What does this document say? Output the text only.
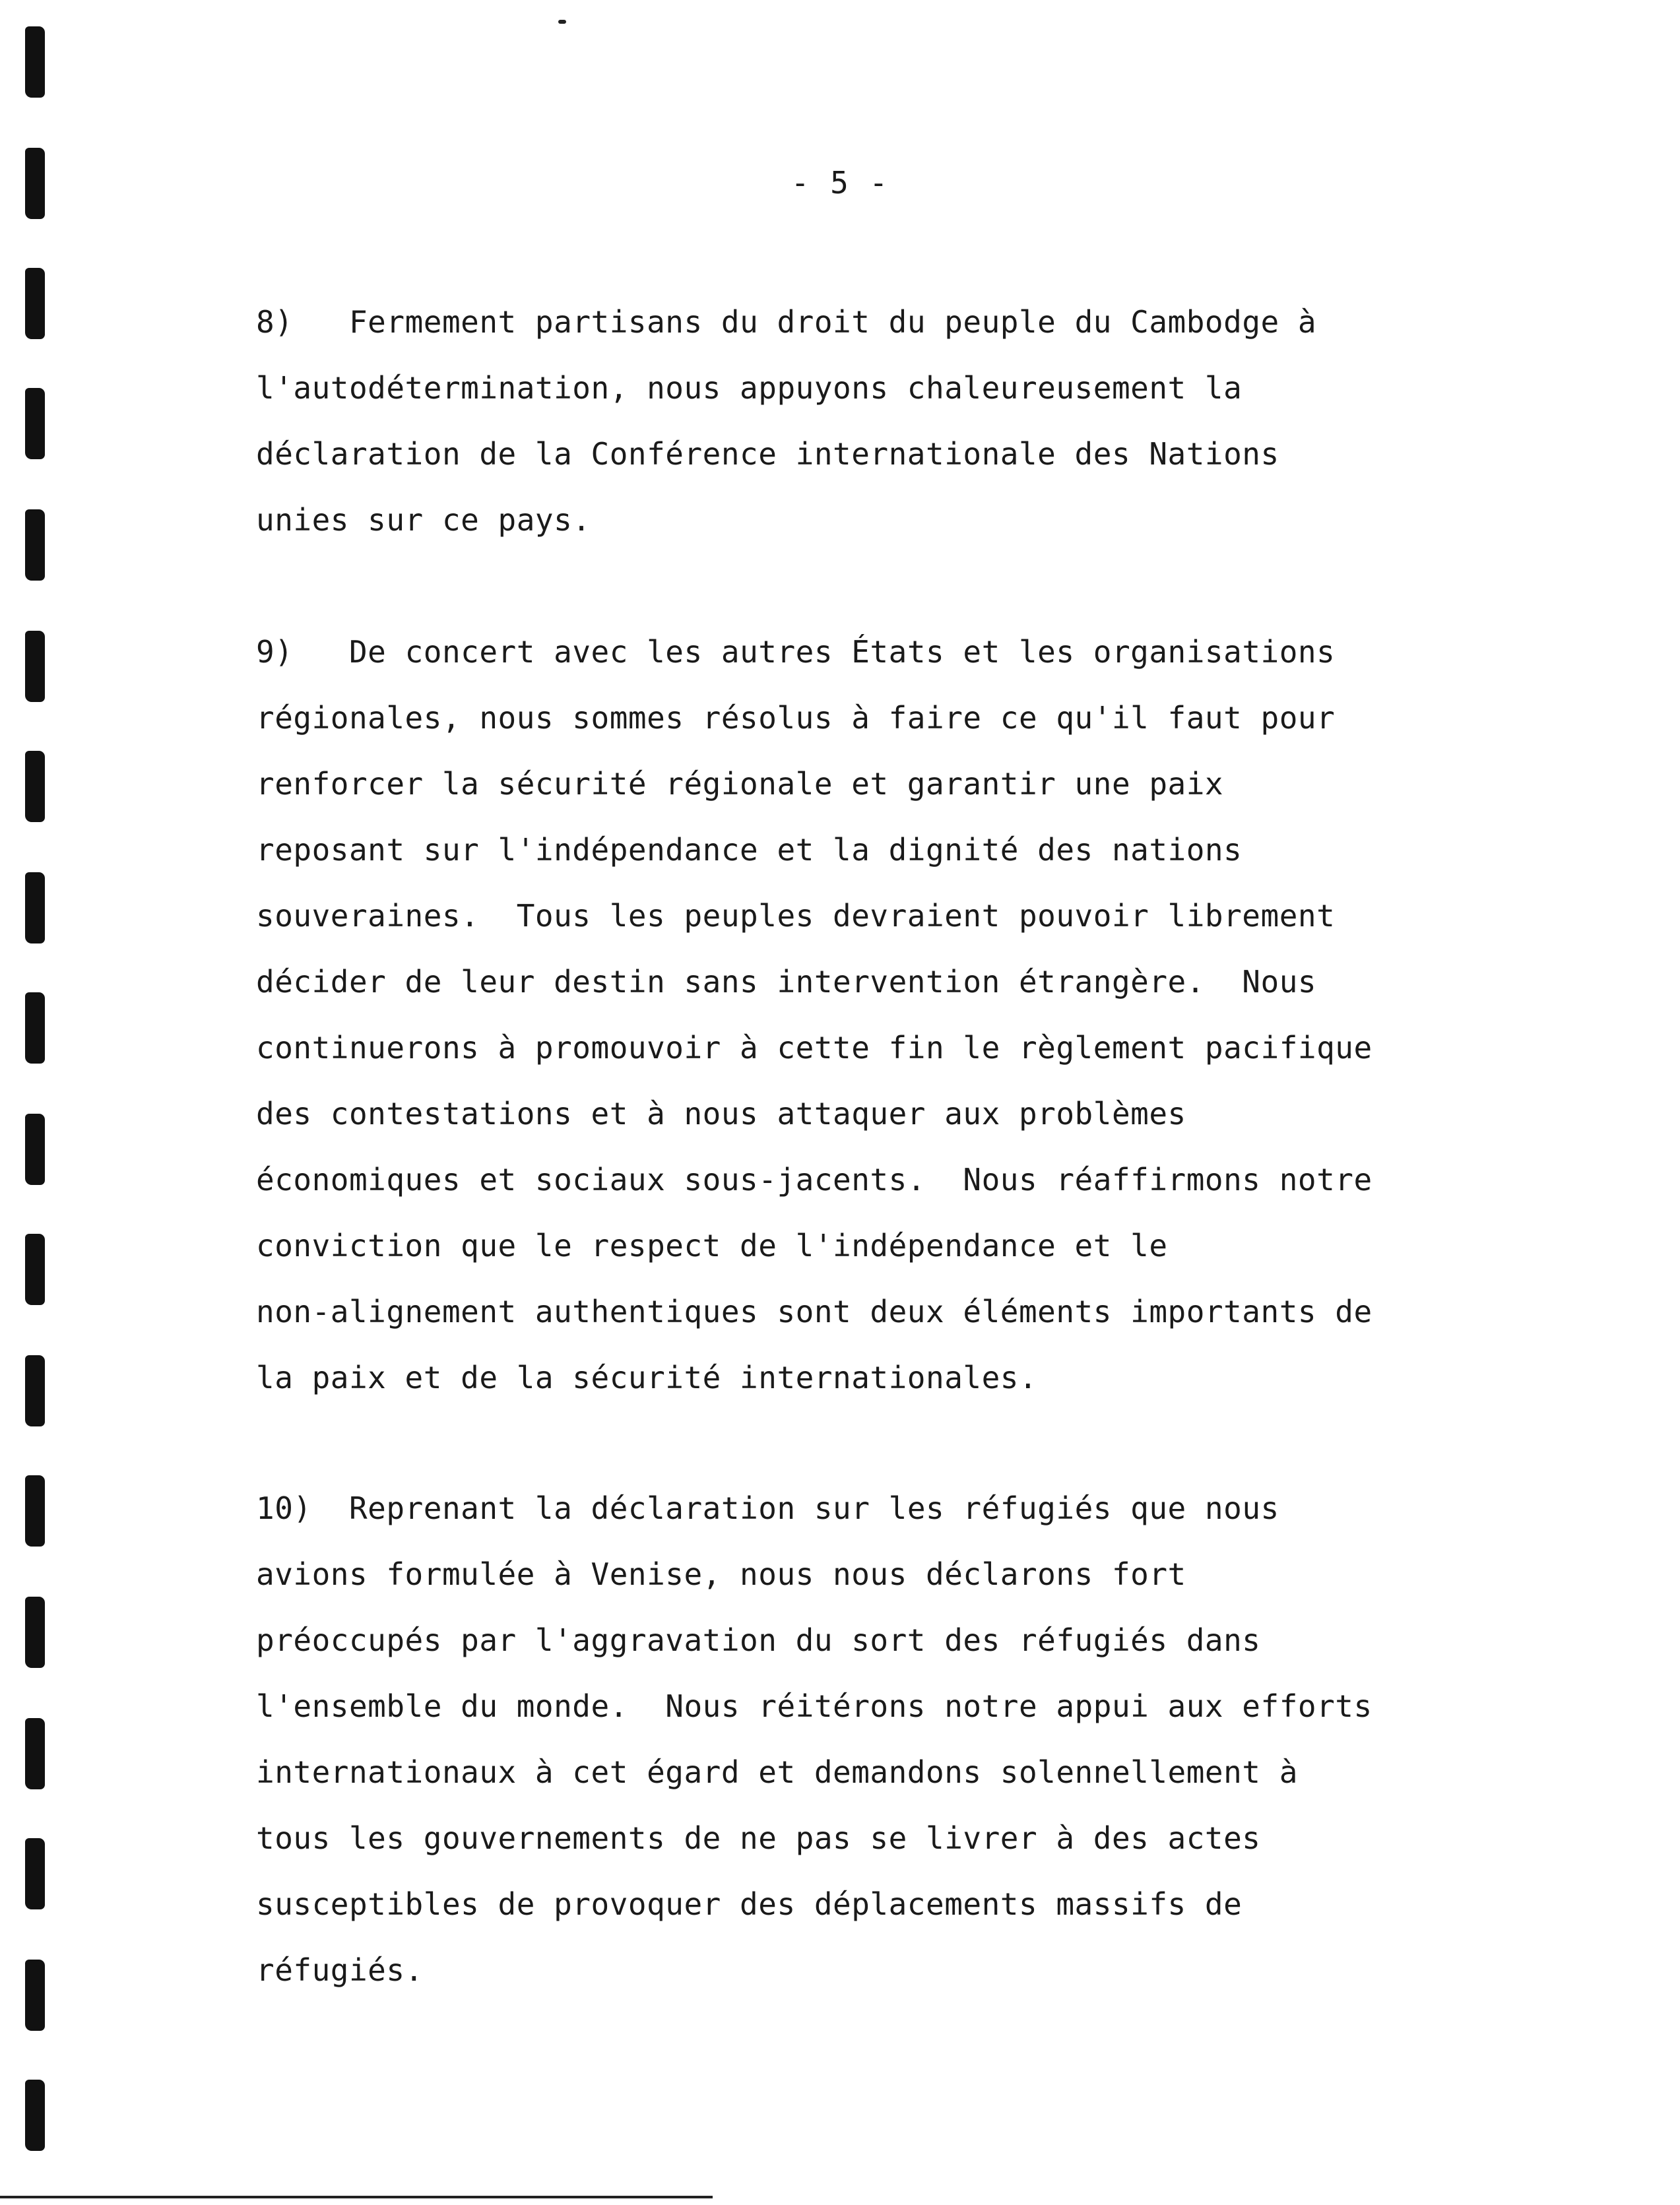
- 5 -

8) Fermement partisans du droit du peuple du Cambodge à
l'autodétermination, nous appuyons chaleureusement la
déclaration de la Conférence internationale des Nations
unies sur ce pays.

9) De concert avec les autres États et les organisations
régionales, nous sommes résolus à faire ce qu'il faut pour
renforcer la sécurité régionale et garantir une paix
reposant sur l'indépendance et la dignité des nations
souveraines.  Tous les peuples devraient pouvoir librement
décider de leur destin sans intervention étrangère.  Nous
continuerons à promouvoir à cette fin le règlement pacifique
des contestations et à nous attaquer aux problèmes
économiques et sociaux sous-jacents.  Nous réaffirmons notre
conviction que le respect de l'indépendance et le
non-alignement authentiques sont deux éléments importants de
la paix et de la sécurité internationales.

10) Reprenant la déclaration sur les réfugiés que nous
avions formulée à Venise, nous nous déclarons fort
préoccupés par l'aggravation du sort des réfugiés dans
l'ensemble du monde.  Nous réitérons notre appui aux efforts
internationaux à cet égard et demandons solennellement à
tous les gouvernements de ne pas se livrer à des actes
susceptibles de provoquer des déplacements massifs de
réfugiés.
